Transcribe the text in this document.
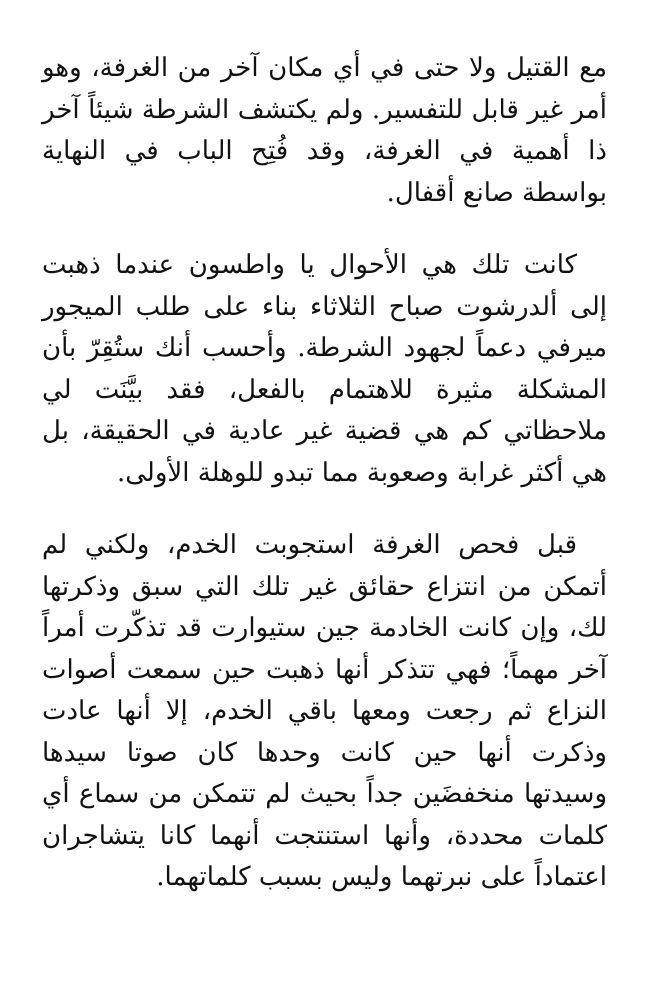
مع القتيل ولا حتى في أي مكان آخر من الغرفة، وهو أمر غير قابل للتفسير. ولم يكتشف الشرطة شيئاً آخر ذا أهمية في الغرفة، وقد فُتِح الباب في النهاية بواسطة صانع أقفال.

كانت تلك هي الأحوال يا واطسون عندما ذهبت إلى ألدرشوت صباح الثلاثاء بناء على طلب الميجور ميرفي دعماً لجهود الشرطة. وأحسب أنك ستُقِرّ بأن المشكلة مثيرة للاهتمام بالفعل، فقد بيَّنَت لي ملاحظاتي كم هي قضية غير عادية في الحقيقة، بل هي أكثر غرابة وصعوبة مما تبدو للوهلة الأولى.

قبل فحص الغرفة استجوبت الخدم، ولكني لم أتمكن من انتزاع حقائق غير تلك التي سبق وذكرتها لك، وإن كانت الخادمة جين ستيوارت قد تذكّرت أمراً آخر مهماً؛ فهي تتذكر أنها ذهبت حين سمعت أصوات النزاع ثم رجعت ومعها باقي الخدم، إلا أنها عادت وذكرت أنها حين كانت وحدها كان صوتا سيدها وسيدتها منخفضَين جداً بحيث لم تتمكن من سماع أي كلمات محددة، وأنها استنتجت أنهما كانا يتشاجران اعتماداً على نبرتهما وليس بسبب كلماتهما.
